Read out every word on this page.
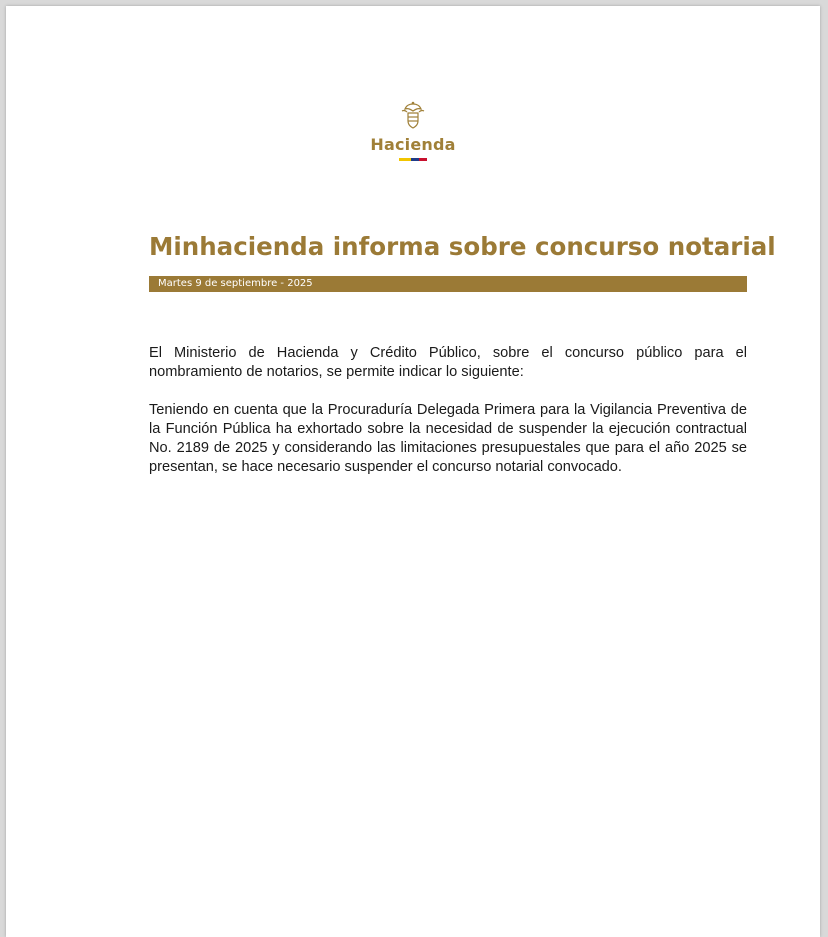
Hacienda
Minhacienda informa sobre concurso notarial
Martes 9 de septiembre - 2025

El Ministerio de Hacienda y Crédito Público, sobre el concurso público para el nombramiento de notarios, se permite indicar lo siguiente:

Teniendo en cuenta que la Procuraduría Delegada Primera para la Vigilancia Preventiva de la Función Pública ha exhortado sobre la necesidad de suspender la ejecución contractual No. 2189 de 2025 y considerando las limitaciones presupuestales que para el año 2025 se presentan, se hace necesario suspender el concurso notarial convocado.
